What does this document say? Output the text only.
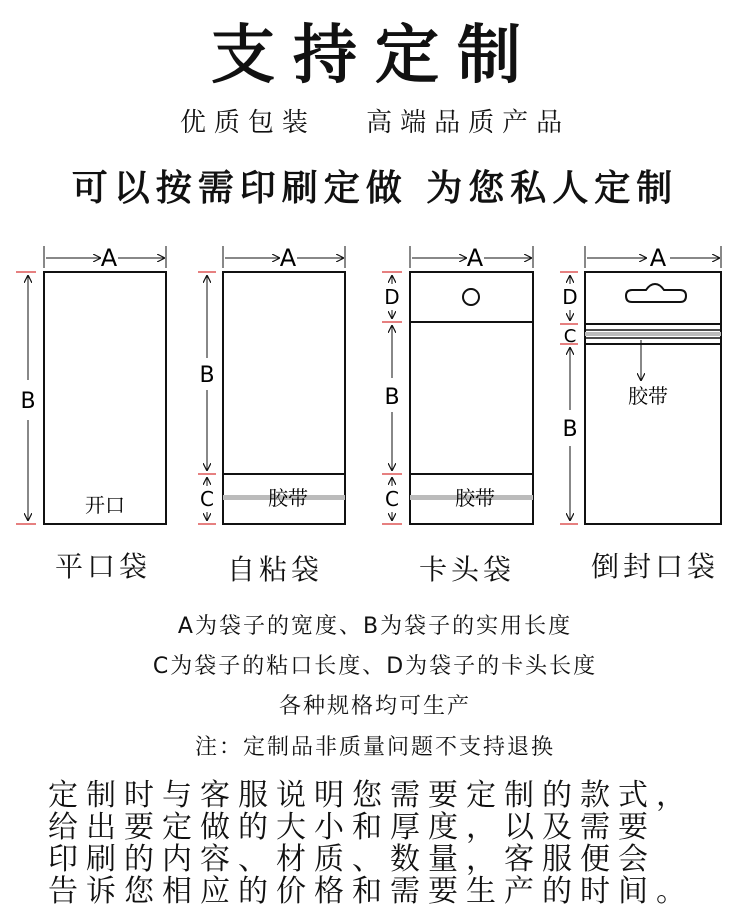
支持定制
优质包装　 高端品质产品
可以按需印刷定做 为您私人定制
A
B
开口
A
B
C	胶带
A
D
B
C	胶带
胶带
A
D
C
B
平口袋	自粘袋	卡头袋	倒封口袋
A为袋子的宽度、B为袋子的实用长度
C为袋子的粘口长度、D为袋子的卡头长度
各种规格均可生产
注：定制品非质量问题不支持退换
定制时与客服说明您需要定制的款式，
给出要定做的大小和厚度，以及需要
印刷的内容、材质、数量，客服便会
告诉您相应的价格和需要生产的时间。
